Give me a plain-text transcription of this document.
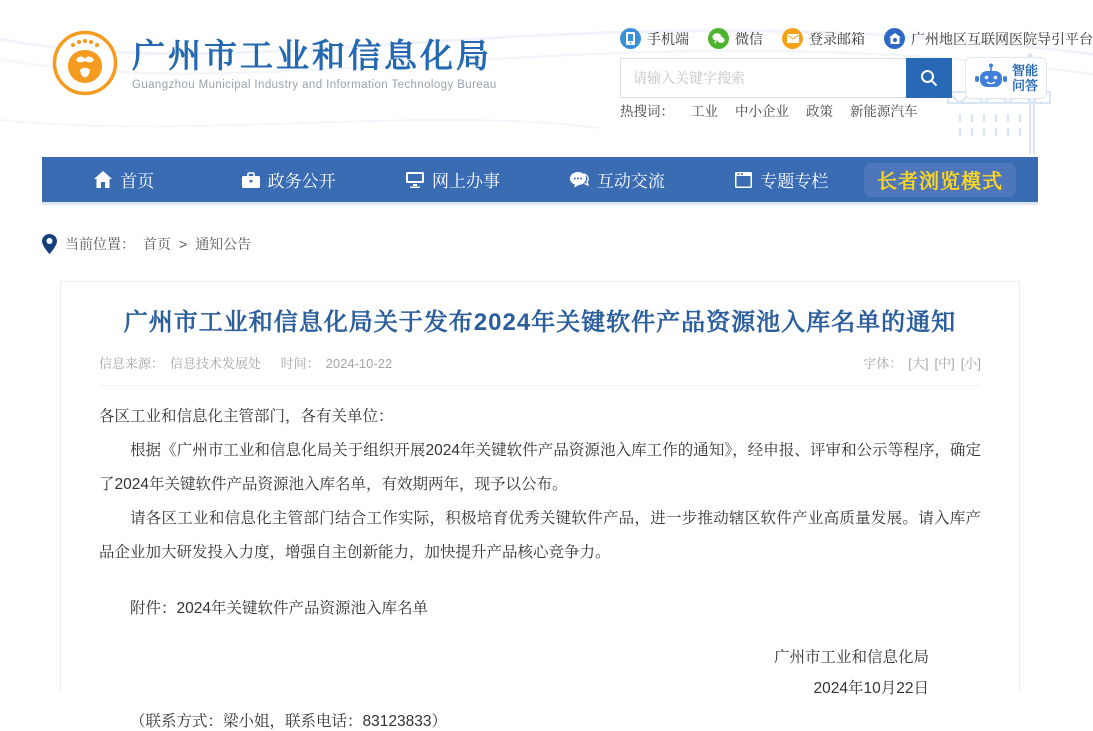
广州市工业和信息化局
Guangzhou Municipal Industry and Information Technology Bureau
手机端	微信	登录邮箱	广州地区互联网医院导引平台
请输入关键字搜索
智能
问答
热搜词： 工业 中小企业 政策 新能源汽车
首页	政务公开	网上办事	互动交流	专题专栏	长者浏览模式
当前位置： 首页 > 通知公告
广州市工业和信息化局关于发布2024年关键软件产品资源池入库名单的通知
信息来源： 信息技术发展处 时间： 2024-10-22	字体： [大] [中] [小]

各区工业和信息化主管部门，各有关单位：

根据《广州市工业和信息化局关于组织开展2024年关键软件产品资源池入库工作的通知》，经申报、评审和公示等程序，确定了2024年关键软件产品资源池入库名单，有效期两年，现予以公布。

请各区工业和信息化主管部门结合工作实际，积极培育优秀关键软件产品，进一步推动辖区软件产业高质量发展。请入库产品企业加大研发投入力度，增强自主创新能力，加快提升产品核心竞争力。

附件：2024年关键软件产品资源池入库名单

广州市工业和信息化局
2024年10月22日

（联系方式：梁小姐，联系电话：83123833）
